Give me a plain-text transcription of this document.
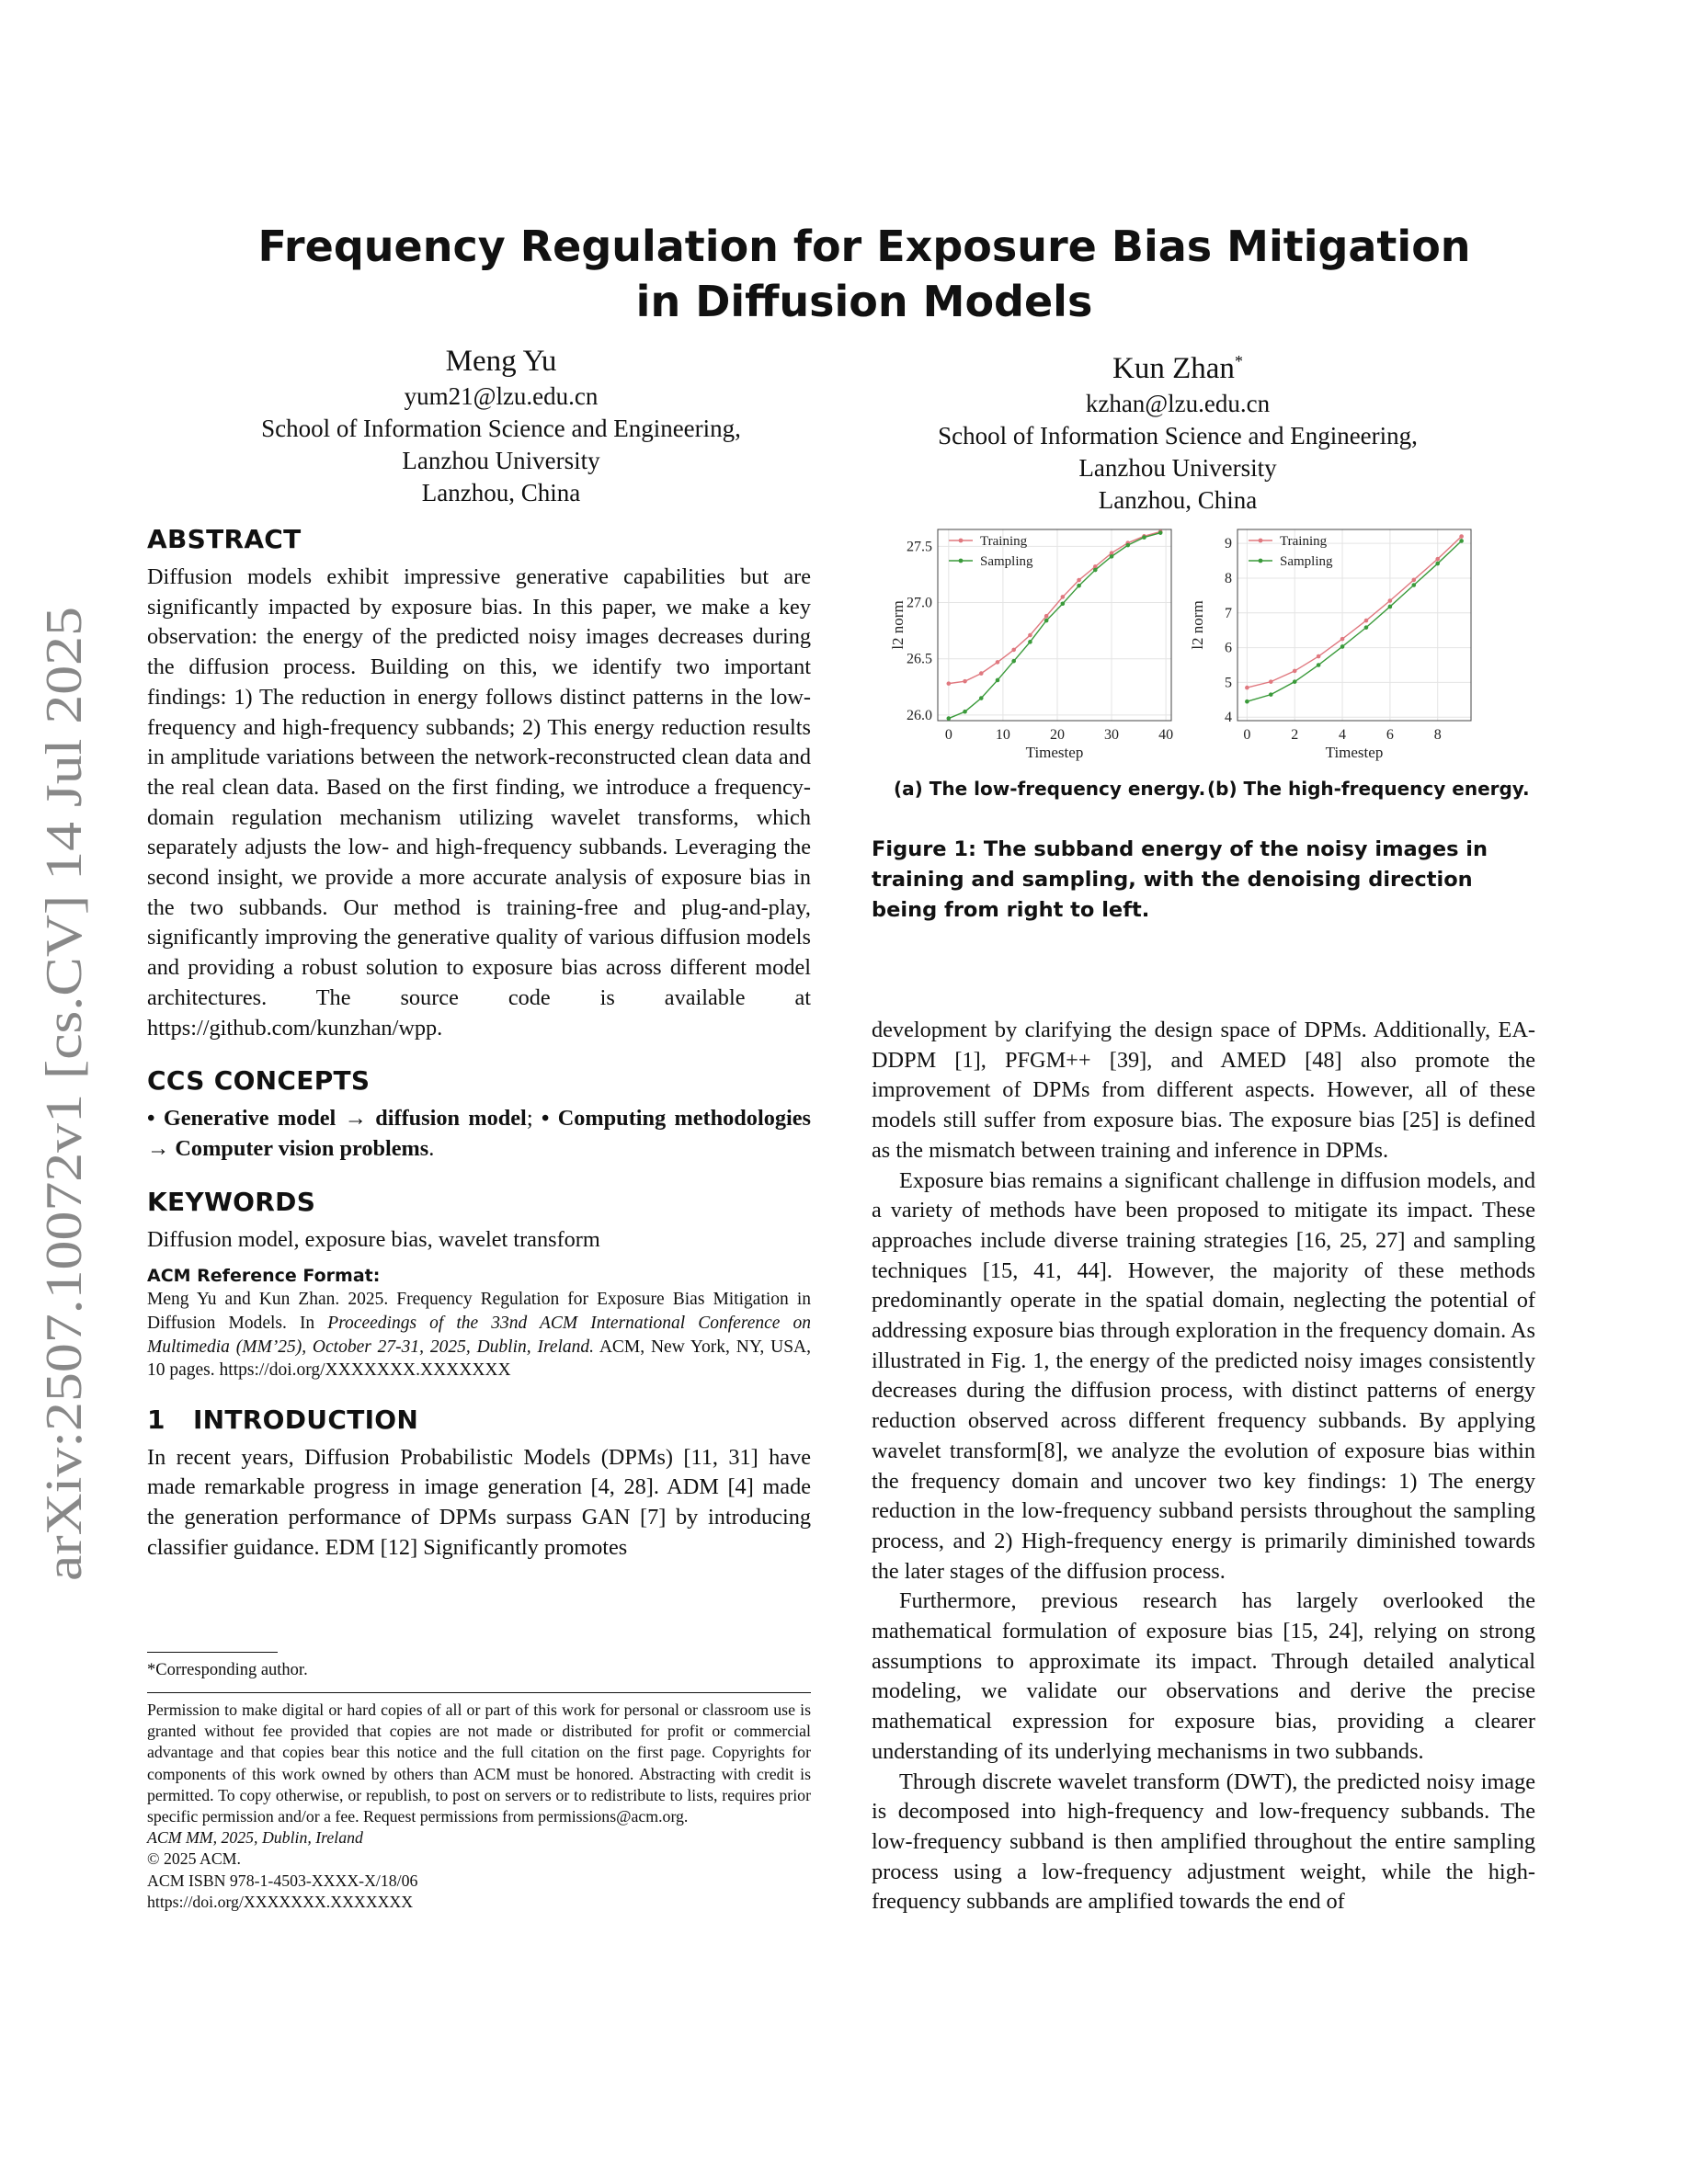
arXiv:2507.10072v1 [cs.CV] 14 Jul 2025
Frequency Regulation for Exposure Bias Mitigation
in Diffusion Models
Meng Yu
yum21@lzu.edu.cn
School of Information Science and Engineering,
Lanzhou University
Lanzhou, China
Kun Zhan*
kzhan@lzu.edu.cn
School of Information Science and Engineering,
Lanzhou University
Lanzhou, China
ABSTRACT

Diffusion models exhibit impressive generative capabilities but are significantly impacted by exposure bias. In this paper, we make a key observation: the energy of the predicted noisy images decreases during the diffusion process. Building on this, we identify two important findings: 1) The reduction in energy follows distinct patterns in the low-frequency and high-frequency subbands; 2) This energy reduction results in amplitude variations between the network-reconstructed clean data and the real clean data. Based on the first finding, we introduce a frequency-domain regulation mechanism utilizing wavelet transforms, which separately adjusts the low- and high-frequency subbands. Leveraging the second insight, we provide a more accurate analysis of exposure bias in the two subbands. Our method is training-free and plug-and-play, significantly improving the generative quality of various diffusion models and providing a robust solution to exposure bias across different model architectures. The source code is available at https://github.com/kunzhan/wpp.

CCS CONCEPTS

• Generative model → diffusion model; • Computing methodologies → Computer vision problems.

KEYWORDS

Diffusion model, exposure bias, wavelet transform

ACM Reference Format:

Meng Yu and Kun Zhan. 2025. Frequency Regulation for Exposure Bias Mitigation in Diffusion Models. In Proceedings of the 33nd ACM International Conference on Multimedia (MM’25), October 27-31, 2025, Dublin, Ireland. ACM, New York, NY, USA, 10 pages. https://doi.org/XXXXXXX.XXXXXXX

1 INTRODUCTION

In recent years, Diffusion Probabilistic Models (DPMs) [11, 31] have made remarkable progress in image generation [4, 28]. ADM [4] made the generation performance of DPMs surpass GAN [7] by introducing classifier guidance. EDM [12] Significantly promotes

*Corresponding author.

Permission to make digital or hard copies of all or part of this work for personal or classroom use is granted without fee provided that copies are not made or distributed for profit or commercial advantage and that copies bear this notice and the full citation on the first page. Copyrights for components of this work owned by others than ACM must be honored. Abstracting with credit is permitted. To copy otherwise, or republish, to post on servers or to redistribute to lists, requires prior specific permission and/or a fee. Request permissions from permissions@acm.org.

ACM MM, 2025, Dublin, Ireland

© 2025 ACM.

ACM ISBN 978-1-4503-XXXX-X/18/06

https://doi.org/XXXXXXX.XXXXXXX

0	10	20	30	40
26.0
26.5
27.0
27.5
Timestep
l2 norm
Training
Sampling
0	2	4	6	8
4
5
6
7
8
9
Timestep
l2 norm
Training
Sampling
(a) The low-frequency energy. (b) The high-frequency energy.
Figure 1: The subband energy of the noisy images in training and sampling, with the denoising direction being from right to left.

development by clarifying the design space of DPMs. Additionally, EA-DDPM [1], PFGM++ [39], and AMED [48] also promote the improvement of DPMs from different aspects. However, all of these models still suffer from exposure bias. The exposure bias [25] is defined as the mismatch between training and inference in DPMs.

Exposure bias remains a significant challenge in diffusion models, and a variety of methods have been proposed to mitigate its impact. These approaches include diverse training strategies [16, 25, 27] and sampling techniques [15, 41, 44]. However, the majority of these methods predominantly operate in the spatial domain, neglecting the potential of addressing exposure bias through exploration in the frequency domain. As illustrated in Fig. 1, the energy of the predicted noisy images consistently decreases during the diffusion process, with distinct patterns of energy reduction observed across different frequency subbands. By applying wavelet transform[8], we analyze the evolution of exposure bias within the frequency domain and uncover two key findings: 1) The energy reduction in the low-frequency subband persists throughout the sampling process, and 2) High-frequency energy is primarily diminished towards the later stages of the diffusion process.

Furthermore, previous research has largely overlooked the mathematical formulation of exposure bias [15, 24], relying on strong assumptions to approximate its impact. Through detailed analytical modeling, we validate our observations and derive the precise mathematical expression for exposure bias, providing a clearer understanding of its underlying mechanisms in two subbands.

Through discrete wavelet transform (DWT), the predicted noisy image is decomposed into high-frequency and low-frequency subbands. The low-frequency subband is then amplified throughout the entire sampling process using a low-frequency adjustment weight, while the high-frequency subbands are amplified towards the end of
